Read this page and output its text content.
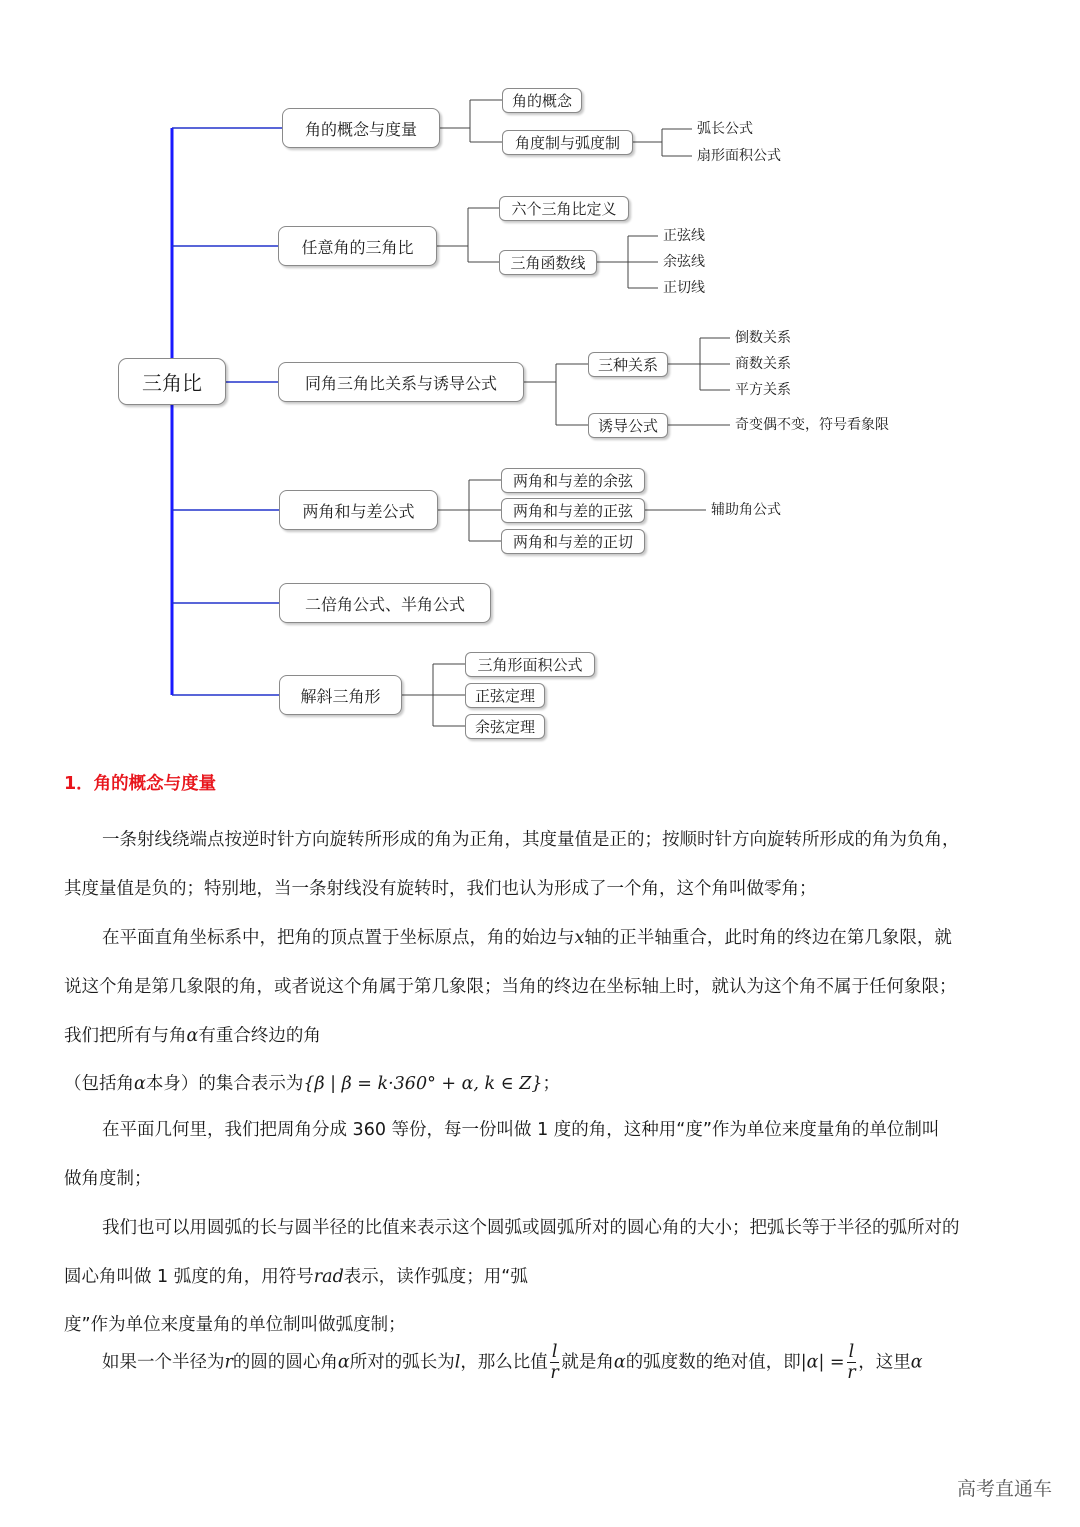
三角比
角的概念与度量
角的概念
角度制与弧度制
弧长公式
扇形面积公式
任意角的三角比
六个三角比定义
三角函数线
正弦线
余弦线
正切线
同角三角比关系与诱导公式
三种关系
诱导公式
倒数关系
商数关系
平方关系
奇变偶不变，符号看象限
两角和与差公式
两角和与差的余弦
两角和与差的正弦
两角和与差的正切
辅助角公式
二倍角公式、半角公式
解斜三角形
三角形面积公式
正弦定理
余弦定理
1．角的概念与度量
一条射线绕端点按逆时针方向旋转所形成的角为正角，其度量值是正的；按顺时针方向旋转所形成的角为负角，
其度量值是负的；特别地，当一条射线没有旋转时，我们也认为形成了一个角，这个角叫做零角；
在平面直角坐标系中，把角的顶点置于坐标原点，角的始边与x轴的正半轴重合，此时角的终边在第几象限，就
说这个角是第几象限的角，或者说这个角属于第几象限；当角的终边在坐标轴上时，就认为这个角不属于任何象限；
我们把所有与角α有重合终边的角
（包括角α本身）的集合表示为{β | β = k·360° + α, k ∈ Z}；
在平面几何里，我们把周角分成 360 等份，每一份叫做 1 度的角，这种用“度”作为单位来度量角的单位制叫
做角度制；
我们也可以用圆弧的长与圆半径的比值来表示这个圆弧或圆弧所对的圆心角的大小；把弧长等于半径的弧所对的
圆心角叫做 1 弧度的角，用符号rad表示，读作弧度；用“弧
度”作为单位来度量角的单位制叫做弧度制；
如果一个半径为r的圆的圆心角α所对的弧长为l，那么比值 $\frac{l}{r}$ 就是角α的弧度数的绝对值，即$|\alpha| = \frac{l}{r}$ ，这里α
高考直通车
